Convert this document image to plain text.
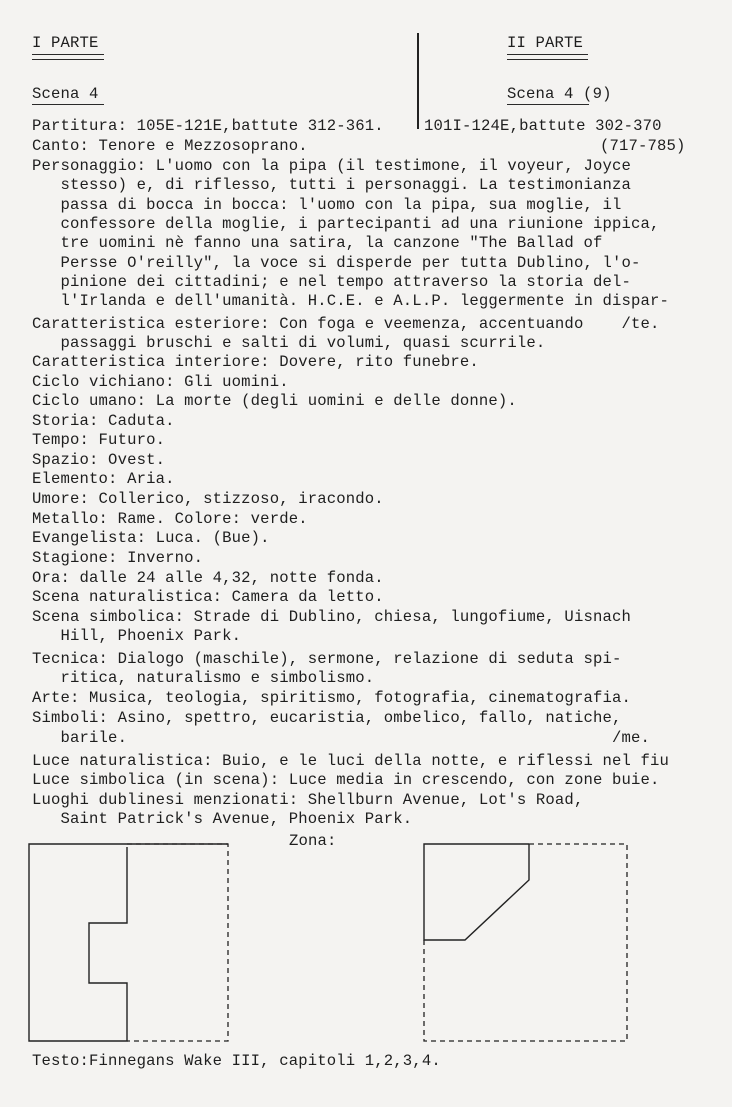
I PARTE	II PARTE
Scena 4	Scena 4 (9)
Partitura: 105E-121E,battute 312-361.	101I-124E,battute 302-370
Canto: Tenore e Mezzosoprano.	(717-785)
Personaggio: L'uomo con la pipa (il testimone, il voyeur, Joyce
stesso) e, di riflesso, tutti i personaggi. La testimonianza
passa di bocca in bocca: l'uomo con la pipa, sua moglie, il
confessore della moglie, i partecipanti ad una riunione ippica,
tre uomini nè fanno una satira, la canzone "The Ballad of
Persse O'reilly", la voce si disperde per tutta Dublino, l'o-
pinione dei cittadini; e nel tempo attraverso la storia del-
l'Irlanda e dell'umanità. H.C.E. e A.L.P. leggermente in dispar-
Caratteristica esteriore: Con foga e veemenza, accentuando    /te.
passaggi bruschi e salti di volumi, quasi scurrile.
Caratteristica interiore: Dovere, rito funebre.
Ciclo vichiano: Gli uomini.
Ciclo umano: La morte (degli uomini e delle donne).
Storia: Caduta.
Tempo: Futuro.
Spazio: Ovest.
Elemento: Aria.
Umore: Collerico, stizzoso, iracondo.
Metallo: Rame. Colore: verde.
Evangelista: Luca. (Bue).
Stagione: Inverno.
Ora: dalle 24 alle 4,32, notte fonda.
Scena naturalistica: Camera da letto.
Scena simbolica: Strade di Dublino, chiesa, lungofiume, Uisnach
Hill, Phoenix Park.
Tecnica: Dialogo (maschile), sermone, relazione di seduta spi-
ritica, naturalismo e simbolismo.
Arte: Musica, teologia, spiritismo, fotografia, cinematografia.
Simboli: Asino, spettro, eucaristia, ombelico, fallo, natiche,
barile.                                                   /me.
Luce naturalistica: Buio, e le luci della notte, e riflessi nel fiu
Luce simbolica (in scena): Luce media in crescendo, con zone buie.
Luoghi dublinesi menzionati: Shellburn Avenue, Lot's Road,
Saint Patrick's Avenue, Phoenix Park.
Zona:
Testo:Finnegans Wake III, capitoli 1,2,3,4.
